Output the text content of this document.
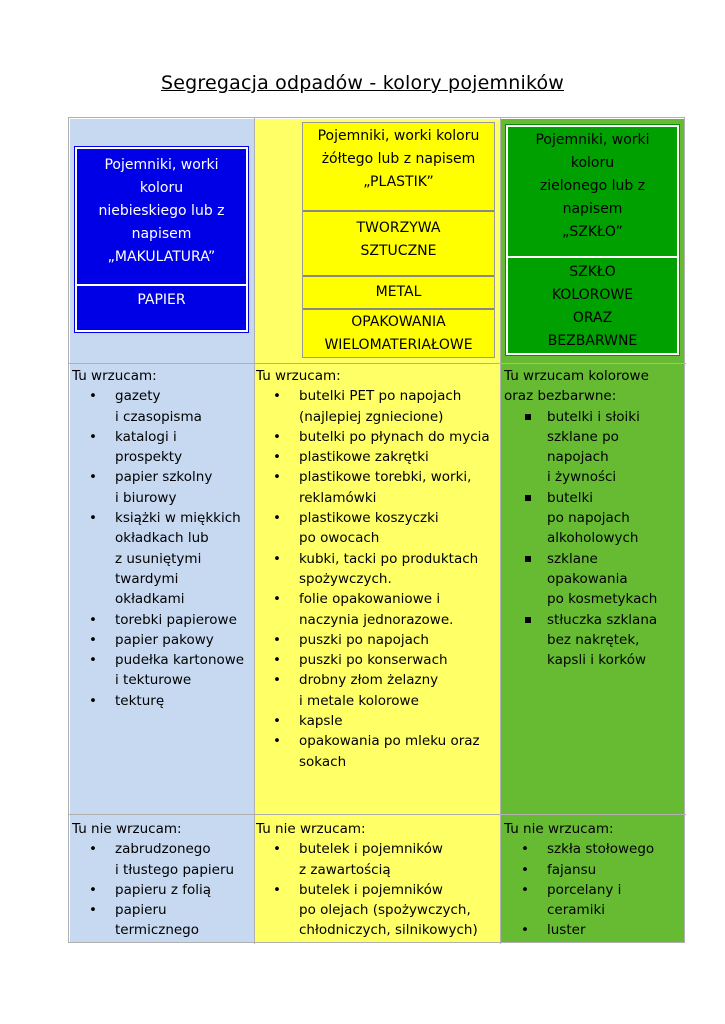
Segregacja odpadów - kolory pojemników
Pojemniki, worki
koloru
niebieskiego lub z
napisem
„MAKULATURA”
PAPIER
Pojemniki, worki koloru
żółtego lub z napisem
„PLASTIK”
TWORZYWA
SZTUCZNE
METAL
OPAKOWANIA
WIELOMATERIAŁOWE
Pojemniki, worki
koloru
zielonego lub z
napisem
„SZKŁO”
SZKŁO
KOLOROWE
ORAZ
BEZBARWNE
Tu wrzucam:
• gazety
i czasopisma
• katalogi i
prospekty
• papier szkolny
i biurowy
• książki w miękkich
okładkach lub
z usuniętymi
twardymi
okładkami
• torebki papierowe
• papier pakowy
• pudełka kartonowe
i tekturowe
• tekturę
Tu wrzucam:
• butelki PET po napojach
(najlepiej zgniecione)
• butelki po płynach do mycia
• plastikowe zakrętki
• plastikowe torebki, worki,
reklamówki
• plastikowe koszyczki
po owocach
• kubki, tacki po produktach
spożywczych.
• folie opakowaniowe i
naczynia jednorazowe.
• puszki po napojach
• puszki po konserwach
• drobny złom żelazny
i metale kolorowe
• kapsle
• opakowania po mleku oraz
sokach
Tu wrzucam kolorowe
oraz bezbarwne:
butelki i słoiki
szklane po
napojach
i żywności
butelki
po napojach
alkoholowych
szklane
opakowania
po kosmetykach
stłuczka szklana
bez nakrętek,
kapsli i korków
Tu nie wrzucam:
• zabrudzonego
i tłustego papieru
• papieru z folią
• papieru
termicznego
Tu nie wrzucam:
• butelek i pojemników
z zawartością
• butelek i pojemników
po olejach (spożywczych,
chłodniczych, silnikowych)
Tu nie wrzucam:
• szkła stołowego
• fajansu
• porcelany i
ceramiki
• luster
